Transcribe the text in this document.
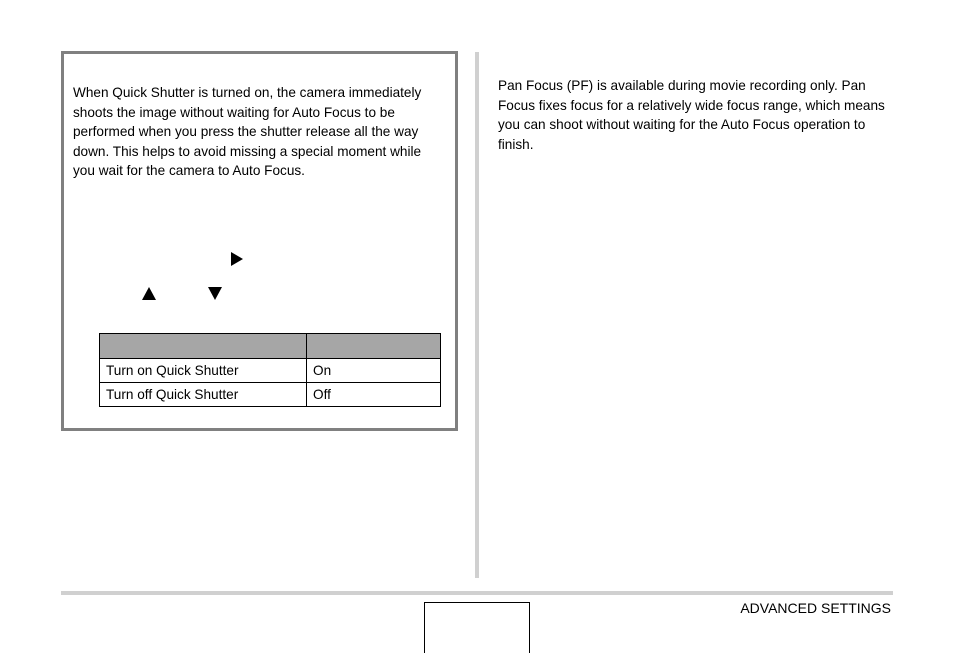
When Quick Shutter is turned on, the camera immediately shoots the image without waiting for Auto Focus to be performed when you press the shutter release all the way down. This helps to avoid missing a special moment while you wait for the camera to Auto Focus.

Turn on Quick Shutter	On
Turn off Quick Shutter	Off

Pan Focus (PF) is available during movie recording only. Pan Focus fixes focus for a relatively wide focus range, which means you can shoot without waiting for the Auto Focus operation to finish.

ADVANCED SETTINGS
